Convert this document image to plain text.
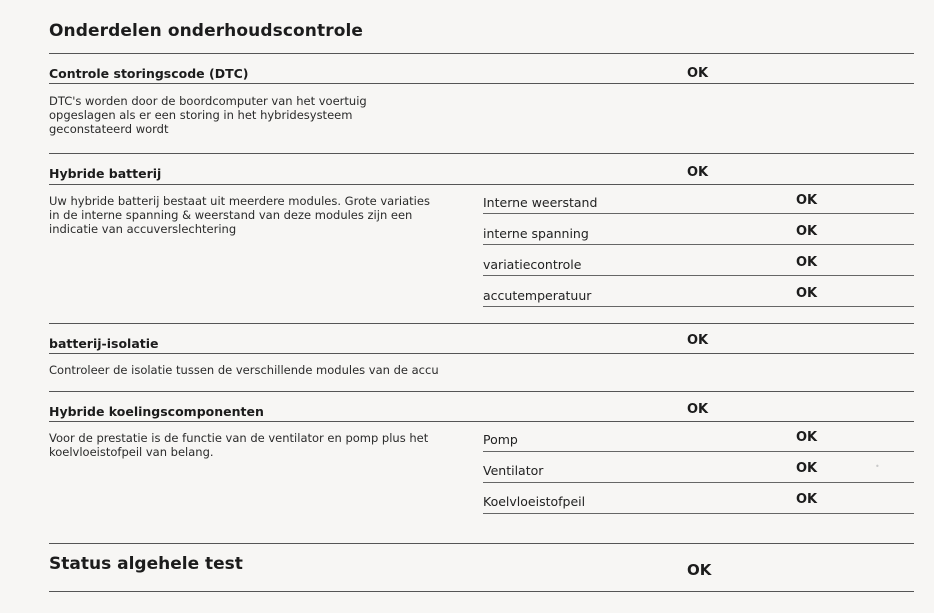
Onderdelen onderhoudscontrole
Controle storingscode (DTC)	OK
DTC's worden door de boordcomputer van het voertuig
opgeslagen als er een storing in het hybridesysteem
geconstateerd wordt
Hybride batterij	OK
Uw hybride batterij bestaat uit meerdere modules. Grote variaties
in de interne spanning & weerstand van deze modules zijn een
indicatie van accuverslechtering
Interne weerstand	OK
interne spanning	OK
variatiecontrole	OK
accutemperatuur	OK
batterij-isolatie	OK
Controleer de isolatie tussen de verschillende modules van de accu
Hybride koelingscomponenten	OK
Voor de prestatie is de functie van de ventilator en pomp plus het
koelvloeistofpeil van belang.
Pomp	OK
Ventilator	OK
Koelvloeistofpeil	OK
Status algehele test	OK
•
